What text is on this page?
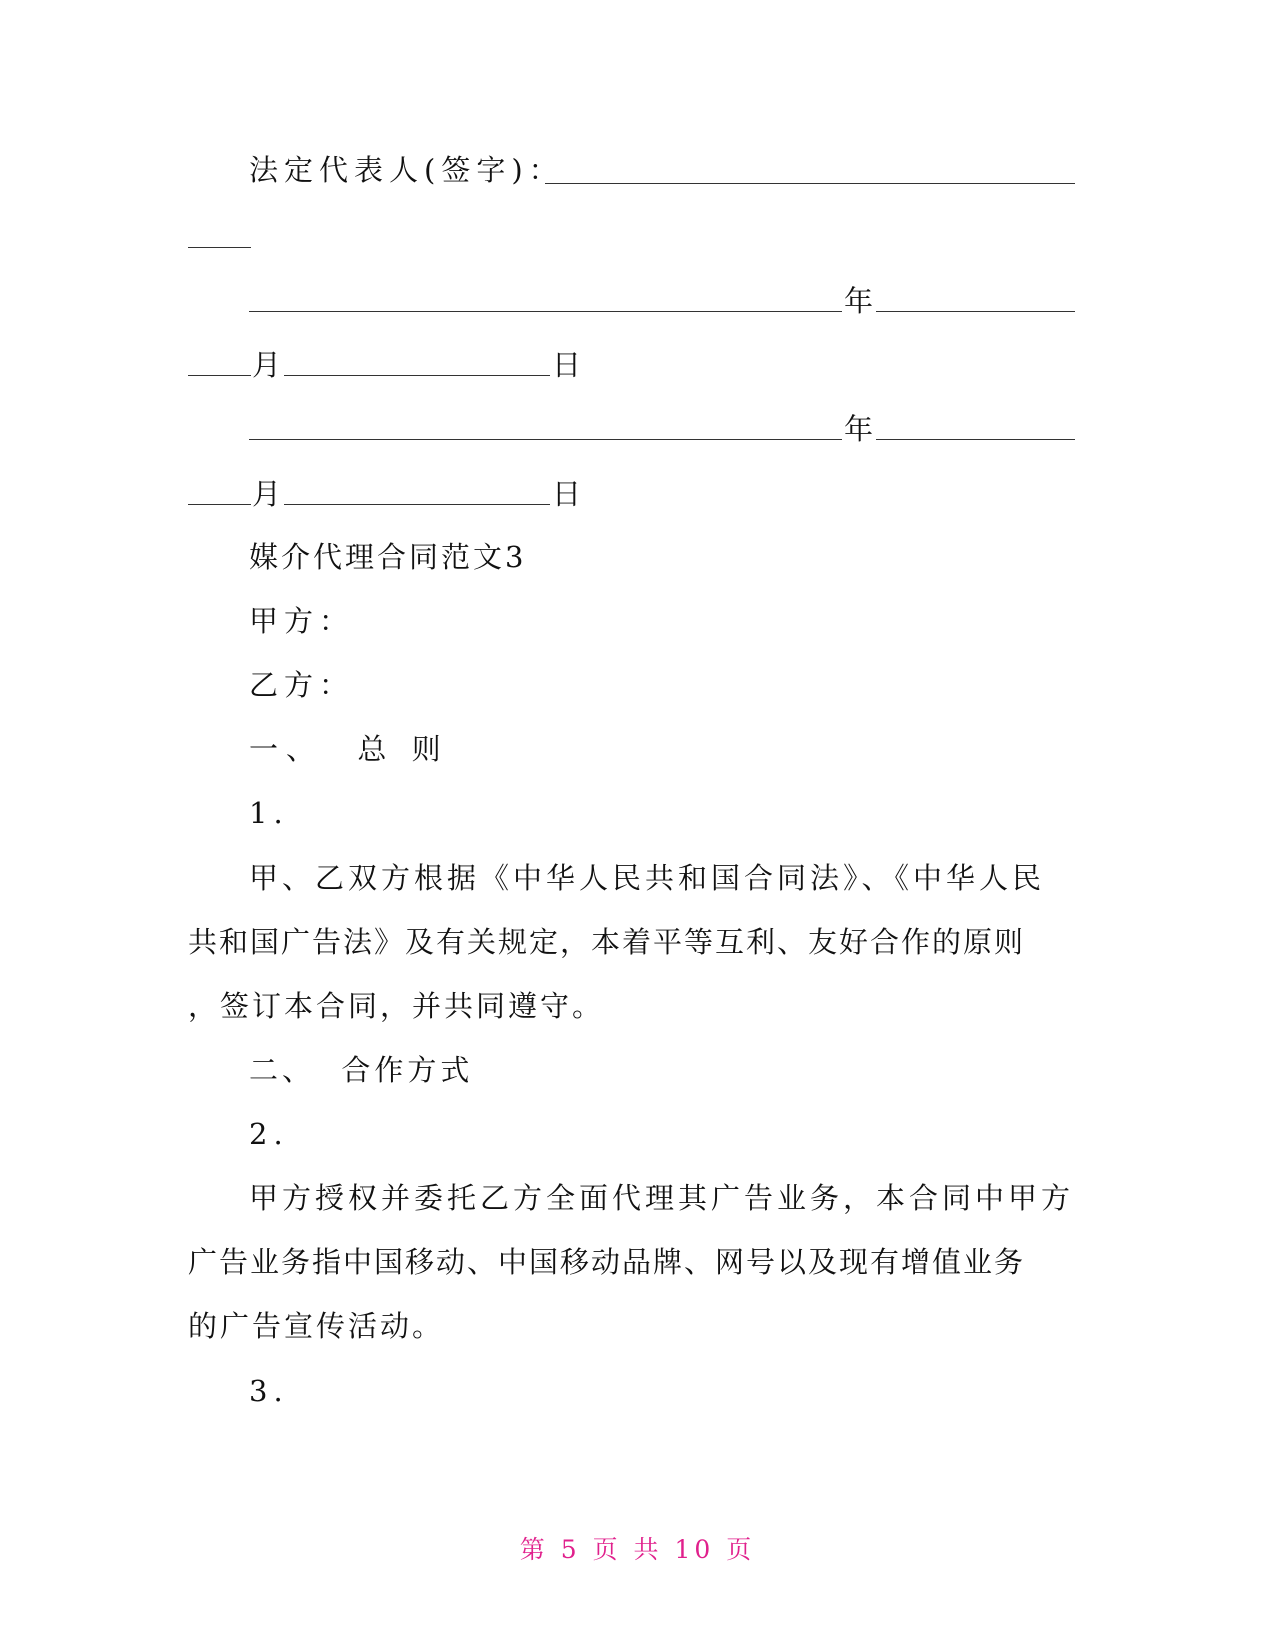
法定代表人(签字)：
年
月	日
年
月	日
媒介代理合同范文3
甲方：
乙方：
一、  总 则
1.
甲、乙双方根据《中华人民共和国合同法》、《中华人民
共和国广告法》及有关规定，本着平等互利、友好合作的原则
，签订本合同，并共同遵守。
二、  合作方式
2.
甲方授权并委托乙方全面代理其广告业务，本合同中甲方
广告业务指中国移动、中国移动品牌、网号以及现有增值业务
的广告宣传活动。
3.
第 5 页 共 10 页
